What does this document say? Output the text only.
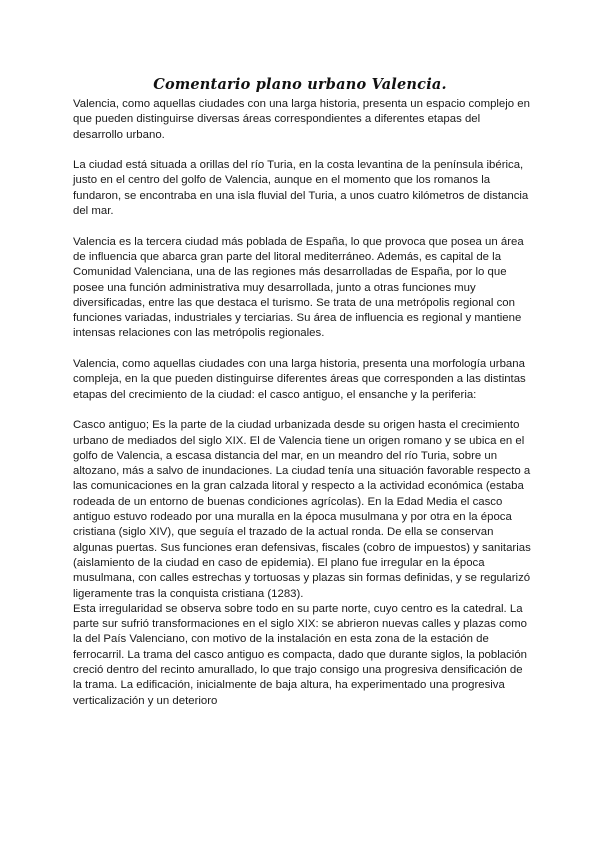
Comentario plano urbano Valencia.

Valencia, como aquellas ciudades con una larga historia, presenta un espacio complejo en que pueden distinguirse diversas áreas correspondientes a diferentes etapas del desarrollo urbano.

La ciudad está situada a orillas del río Turia, en la costa levantina de la península ibérica, justo en el centro del golfo de Valencia, aunque en el momento que los romanos la fundaron, se encontraba en una isla fluvial del Turia, a unos cuatro kilómetros de distancia del mar.

Valencia es la tercera ciudad más poblada de España, lo que provoca que posea un área de influencia que abarca gran parte del litoral mediterráneo. Además, es capital de la Comunidad Valenciana, una de las regiones más desarrolladas de España, por lo que posee una función administrativa muy desarrollada, junto a otras funciones muy diversificadas, entre las que destaca el turismo. Se trata de una metrópolis regional con funciones variadas, industriales y terciarias. Su área de influencia es regional y mantiene intensas relaciones con las metrópolis regionales.

Valencia, como aquellas ciudades con una larga historia, presenta una morfología urbana compleja, en la que pueden distinguirse diferentes áreas que corresponden a las distintas etapas del crecimiento de la ciudad: el casco antiguo, el ensanche y la periferia:

Casco antiguo; Es la parte de la ciudad urbanizada desde su origen hasta el crecimiento urbano de mediados del siglo XIX. El de Valencia tiene un origen romano y se ubica en el golfo de Valencia, a escasa distancia del mar, en un meandro del río Turia, sobre un altozano, más a salvo de inundaciones. La ciudad tenía una situación favorable respecto a las comunicaciones en la gran calzada litoral y respecto a la actividad económica (estaba rodeada de un entorno de buenas condiciones agrícolas). En la Edad Media el casco antiguo estuvo rodeado por una muralla en la época musulmana y por otra en la época cristiana (siglo XIV), que seguía el trazado de la actual ronda. De ella se conservan algunas puertas. Sus funciones eran defensivas, fiscales (cobro de impuestos) y sanitarias (aislamiento de la ciudad en caso de epidemia). El plano fue irregular en la época musulmana, con calles estrechas y tortuosas y plazas sin formas definidas, y se regularizó ligeramente tras la conquista cristiana (1283).

Esta irregularidad se observa sobre todo en su parte norte, cuyo centro es la catedral. La parte sur sufrió transformaciones en el siglo XIX: se abrieron nuevas calles y plazas como la del País Valenciano, con motivo de la instalación en esta zona de la estación de ferrocarril. La trama del casco antiguo es compacta, dado que durante siglos, la población creció dentro del recinto amurallado, lo que trajo consigo una progresiva densificación de la trama. La edificación, inicialmente de baja altura, ha experimentado una progresiva verticalización y un deterioro
